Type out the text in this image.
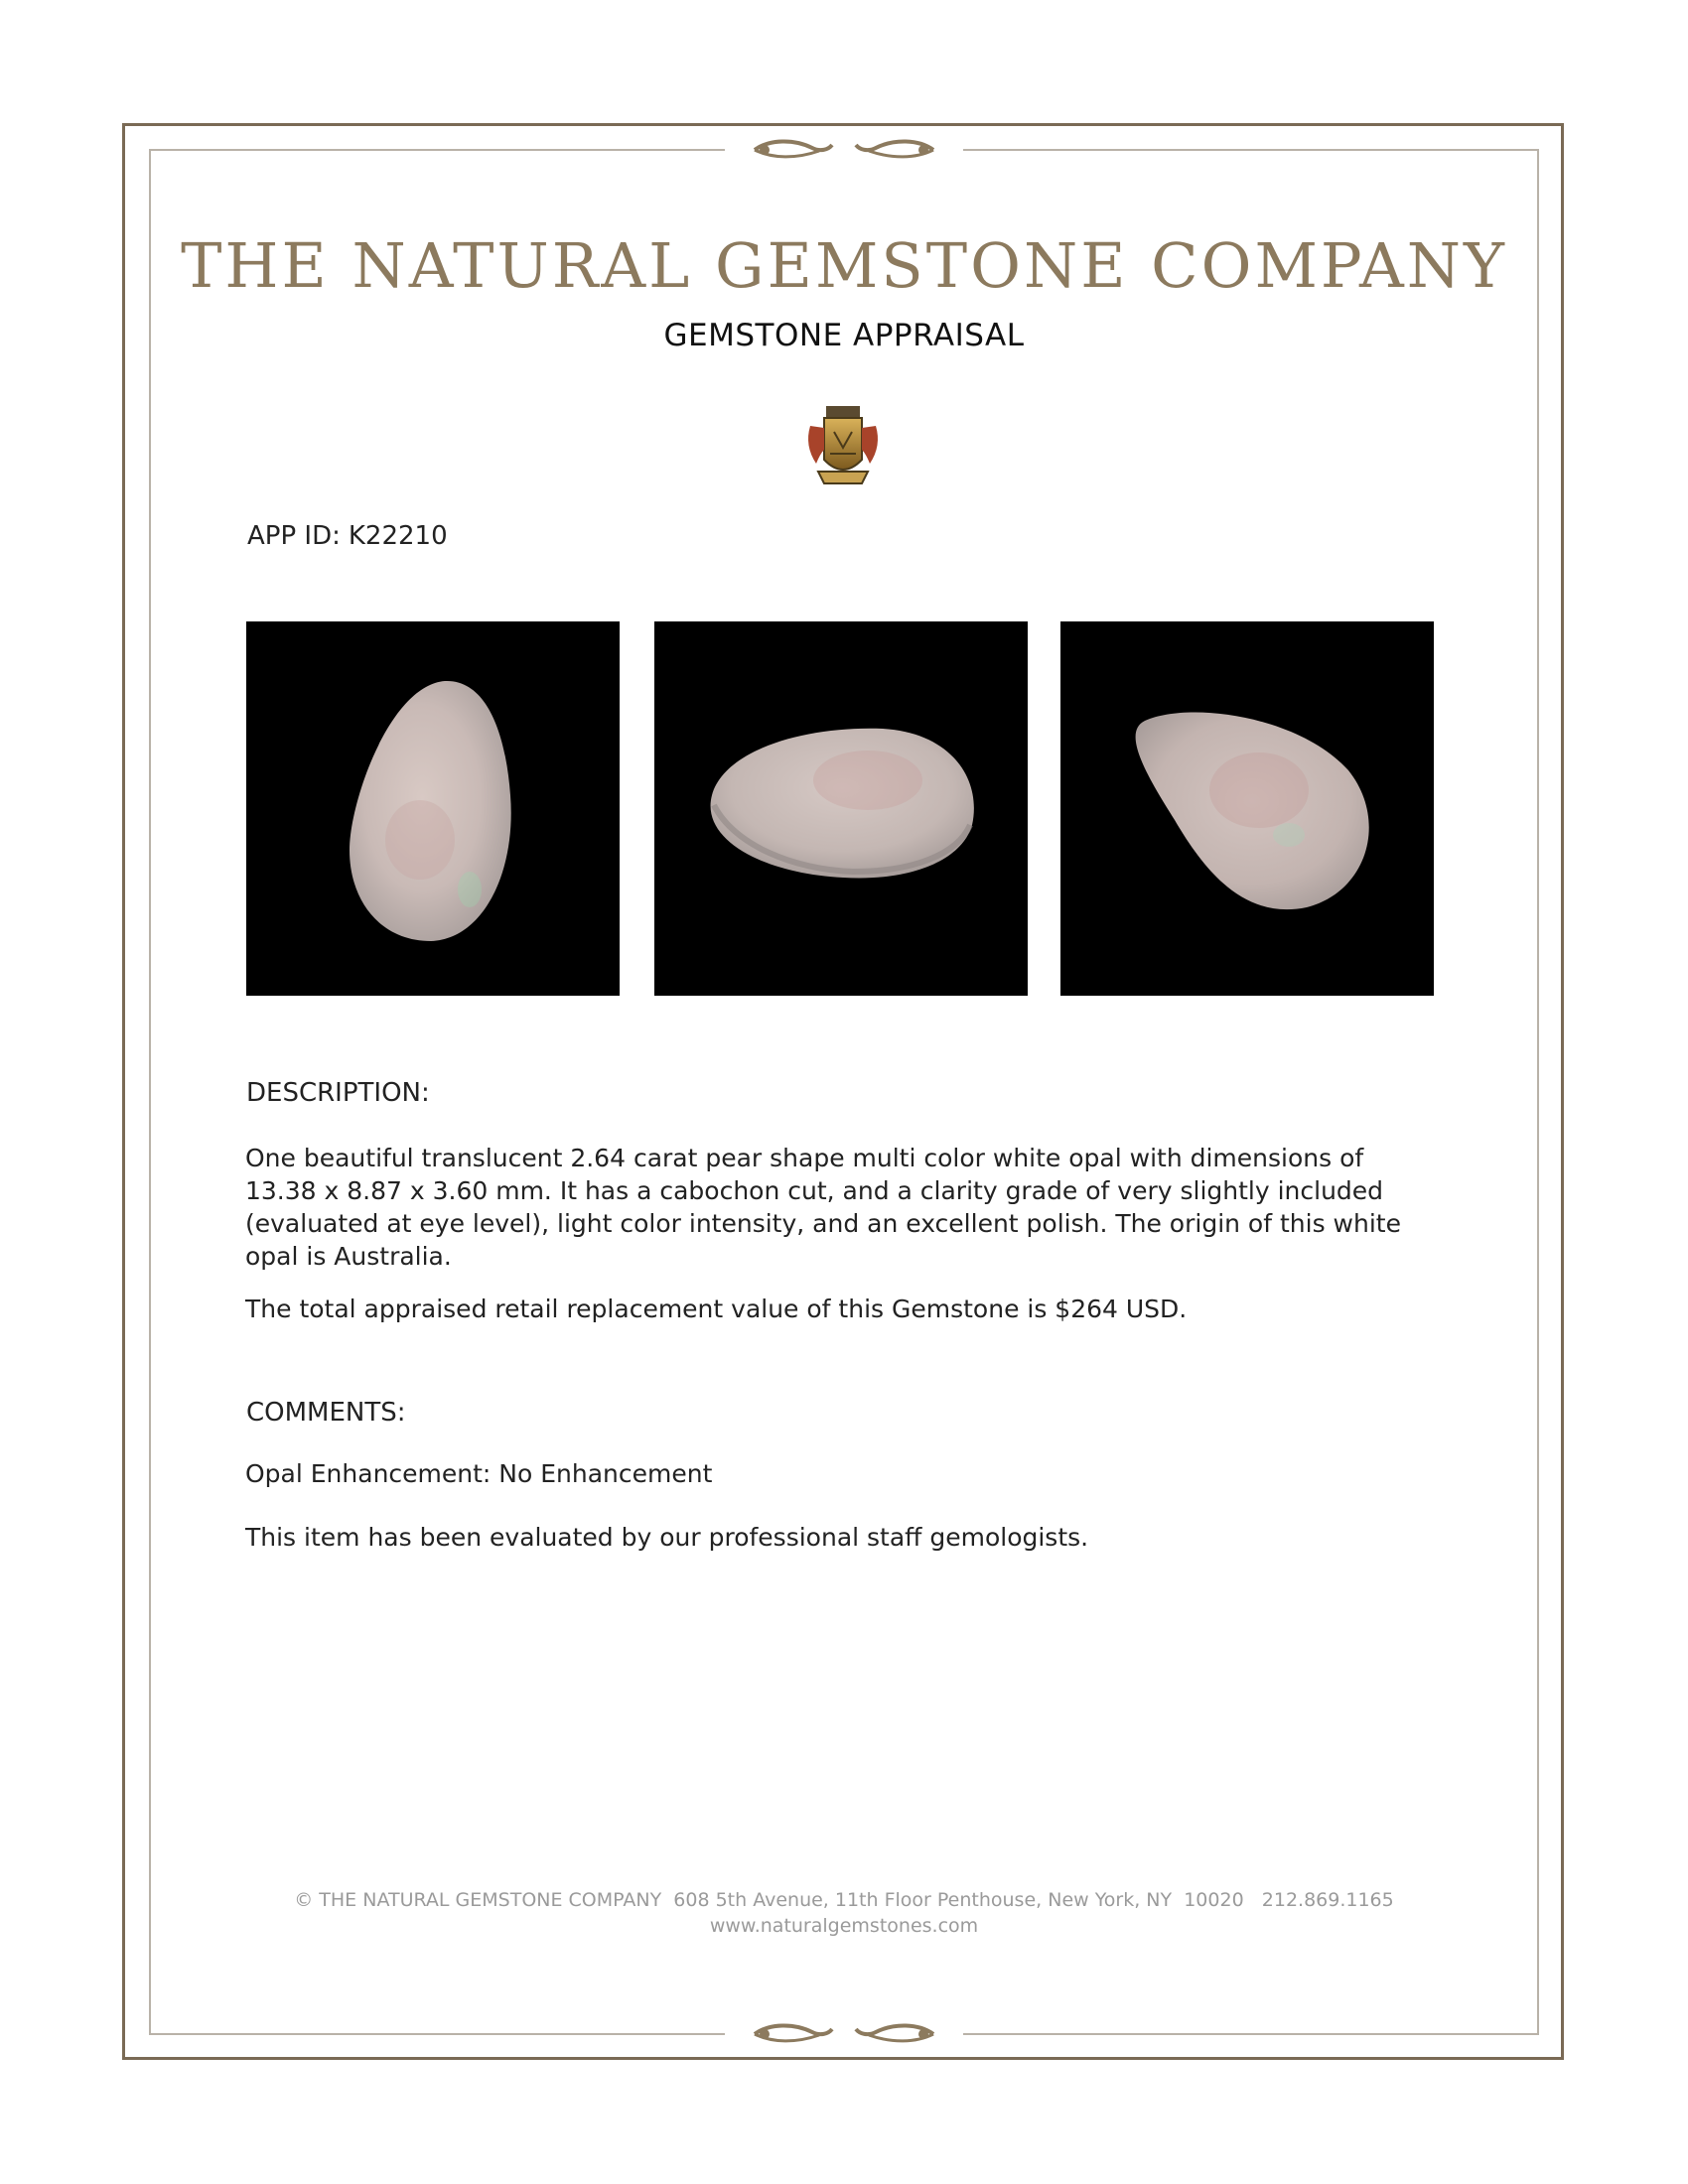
THE NATURAL GEMSTONE COMPANY
GEMSTONE APPRAISAL
APP ID: K22210
DESCRIPTION:
One beautiful translucent 2.64 carat pear shape multi color white opal with dimensions of 13.38 x 8.87 x 3.60 mm. It has a cabochon cut, and a clarity grade of very slightly included (evaluated at eye level), light color intensity, and an excellent polish. The origin of this white opal is Australia.
The total appraised retail replacement value of this Gemstone is $264 USD.
COMMENTS:
Opal Enhancement: No Enhancement
This item has been evaluated by our professional staff gemologists.
© THE NATURAL GEMSTONE COMPANY  608 5th Avenue, 11th Floor Penthouse, New York, NY  10020   212.869.1165
www.naturalgemstones.com
